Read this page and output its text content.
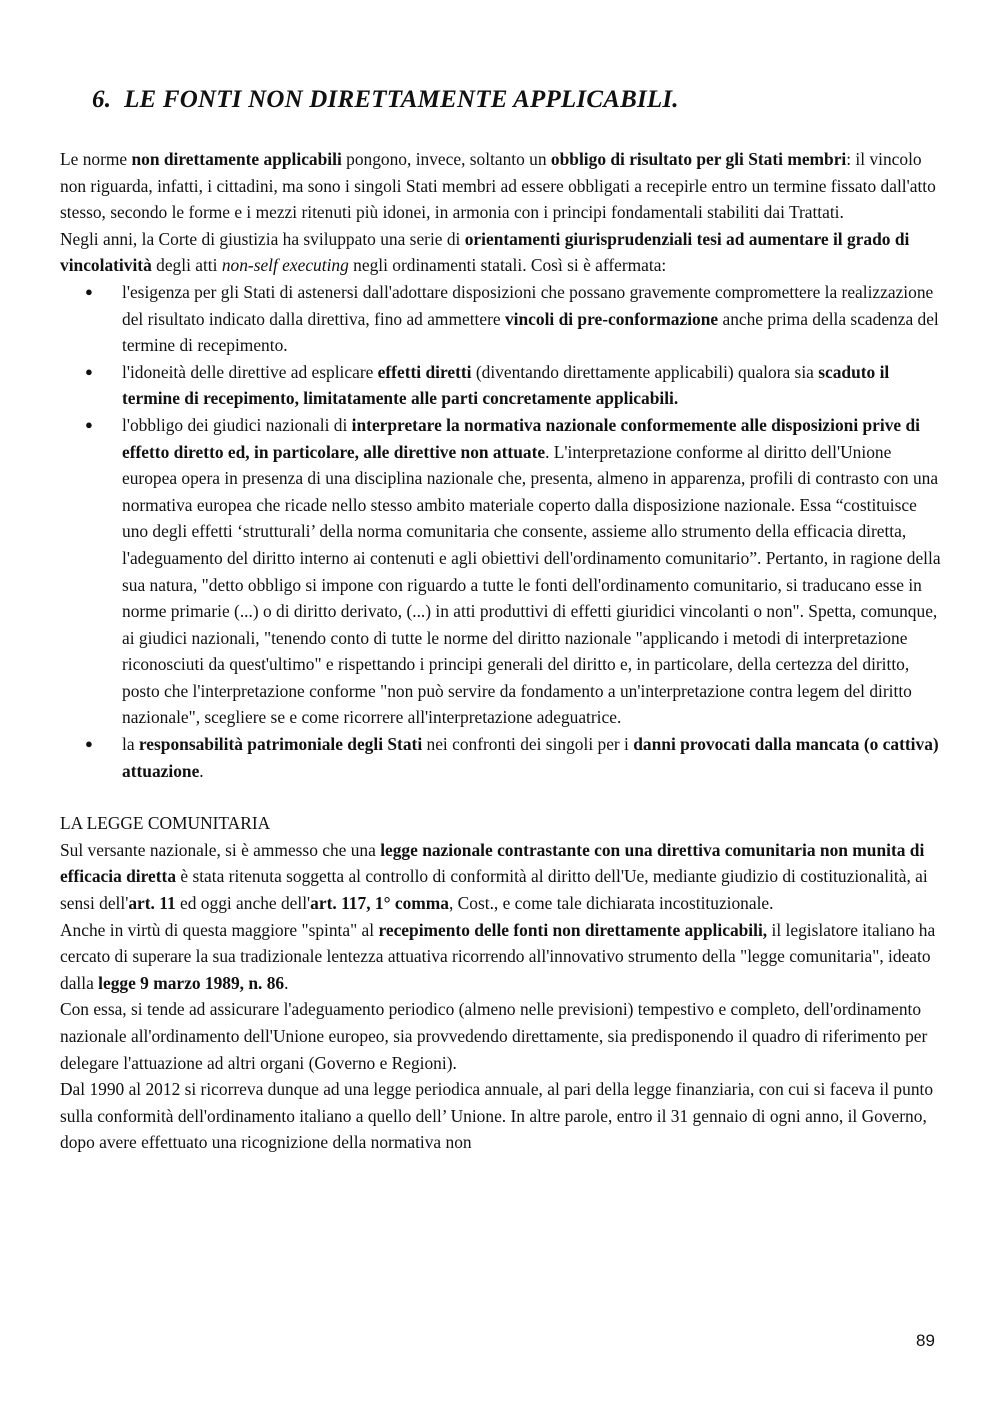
6. LE FONTI NON DIRETTAMENTE APPLICABILI.

Le norme non direttamente applicabili pongono, invece, soltanto un obbligo di risultato per gli Stati membri: il vincolo non riguarda, infatti, i cittadini, ma sono i singoli Stati membri ad essere obbligati a recepirle entro un termine fissato dall'atto stesso, secondo le forme e i mezzi ritenuti più idonei, in armonia con i principi fondamentali stabiliti dai Trattati.

Negli anni, la Corte di giustizia ha sviluppato una serie di orientamenti giurisprudenziali tesi ad aumentare il grado di vincolatività degli atti non-self executing negli ordinamenti statali. Così si è affermata:

● l'esigenza per gli Stati di astenersi dall'adottare disposizioni che possano gravemente compromettere la realizzazione del risultato indicato dalla direttiva, fino ad ammettere vincoli di pre-conformazione anche prima della scadenza del termine di recepimento.
● l'idoneità delle direttive ad esplicare effetti diretti (diventando direttamente applicabili) qualora sia scaduto il termine di recepimento, limitatamente alle parti concretamente applicabili.
● l'obbligo dei giudici nazionali di interpretare la normativa nazionale conformemente alle disposizioni prive di effetto diretto ed, in particolare, alle direttive non attuate. L'interpretazione conforme al diritto dell'Unione europea opera in presenza di una disciplina nazionale che, presenta, almeno in apparenza, profili di contrasto con una normativa europea che ricade nello stesso ambito materiale coperto dalla disposizione nazionale. Essa “costituisce uno degli effetti ‘strutturali’ della norma comunitaria che consente, assieme allo strumento della efficacia diretta, l'adeguamento del diritto interno ai contenuti e agli obiettivi dell'ordinamento comunitario”. Pertanto, in ragione della sua natura, "detto obbligo si impone con riguardo a tutte le fonti dell'ordinamento comunitario, si traducano esse in norme primarie (...) o di diritto derivato, (...) in atti produttivi di effetti giuridici vincolanti o non". Spetta, comunque, ai giudici nazionali, "tenendo conto di tutte le norme del diritto nazionale "applicando i metodi di interpretazione riconosciuti da quest'ultimo" e rispettando i principi generali del diritto e, in particolare, della certezza del diritto, posto che l'interpretazione conforme "non può servire da fondamento a un'interpretazione contra legem del diritto nazionale", scegliere se e come ricorrere all'interpretazione adeguatrice.
● la responsabilità patrimoniale degli Stati nei confronti dei singoli per i danni provocati dalla mancata (o cattiva) attuazione.

LA LEGGE COMUNITARIA

Sul versante nazionale, si è ammesso che una legge nazionale contrastante con una direttiva comunitaria non munita di efficacia diretta è stata ritenuta soggetta al controllo di conformità al diritto dell'Ue, mediante giudizio di costituzionalità, ai sensi dell'art. 11 ed oggi anche dell'art. 117, 1° comma, Cost., e come tale dichiarata incostituzionale.

Anche in virtù di questa maggiore "spinta" al recepimento delle fonti non direttamente applicabili, il legislatore italiano ha cercato di superare la sua tradizionale lentezza attuativa ricorrendo all'innovativo strumento della "legge comunitaria", ideato dalla legge 9 marzo 1989, n. 86.

Con essa, si tende ad assicurare l'adeguamento periodico (almeno nelle previsioni) tempestivo e completo, dell'ordinamento nazionale all'ordinamento dell'Unione europeo, sia provvedendo direttamente, sia predisponendo il quadro di riferimento per delegare l'attuazione ad altri organi (Governo e Regioni).

Dal 1990 al 2012 si ricorreva dunque ad una legge periodica annuale, al pari della legge finanziaria, con cui si faceva il punto sulla conformità dell'ordinamento italiano a quello dell’ Unione. In altre parole, entro il 31 gennaio di ogni anno, il Governo, dopo avere effettuato una ricognizione della normativa non

89
